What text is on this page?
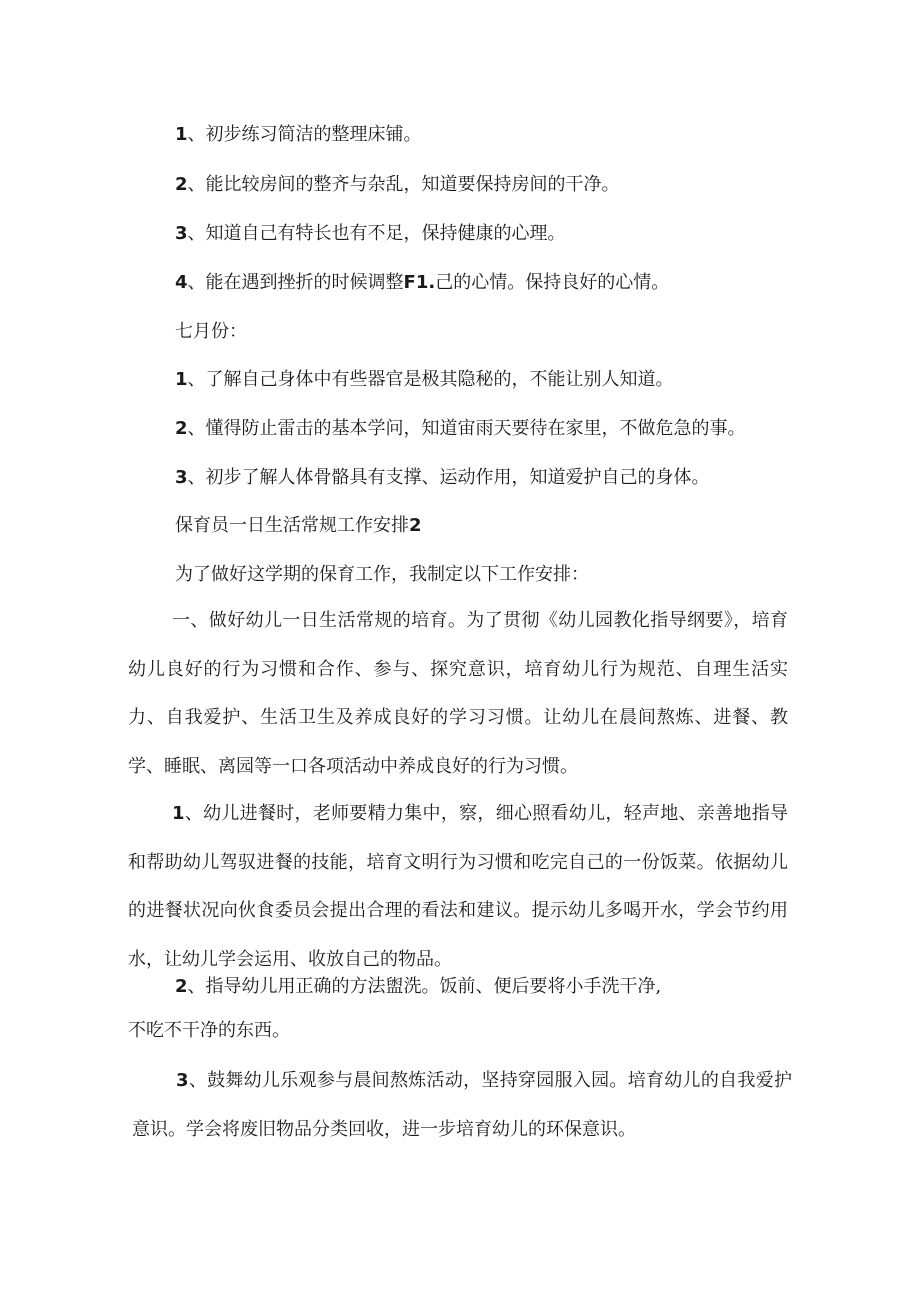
1、初步练习简洁的整理床铺。
2、能比较房间的整齐与杂乱，知道要保持房间的干净。
3、知道自己有特长也有不足，保持健康的心理。
4、能在遇到挫折的时候调整F1.己的心情。保持良好的心情。
七月份：
1、了解自己身体中有些器官是极其隐秘的，不能让别人知道。
2、懂得防止雷击的基本学问，知道宙雨天要待在家里，不做危急的事。
3、初步了解人体骨骼具有支撑、运动作用，知道爱护自己的身体。
保育员一日生活常规工作安排2
为了做好这学期的保育工作，我制定以下工作安排：
一、做好幼儿一日生活常规的培育。为了贯彻《幼儿园教化指导纲要》，培育幼儿良好的行为习惯和合作、参与、探究意识，培育幼儿行为规范、自理生活实力、自我爱护、生活卫生及养成良好的学习习惯。让幼儿在晨间熬炼、进餐、教学、睡眠、离园等一口各项活动中养成良好的行为习惯。
1、幼儿进餐时，老师要精力集中，察，细心照看幼儿，轻声地、亲善地指导和帮助幼儿驾驭进餐的技能，培育文明行为习惯和吃完自己的一份饭菜。依据幼儿的进餐状况向伙食委员会提出合理的看法和建议。提示幼儿多喝开水，学会节约用水，让幼儿学会运用、收放自己的物品。
2、指导幼儿用正确的方法盥洗。饭前、便后要将小手洗干净,
不吃不干净的东西。
3、鼓舞幼儿乐观参与晨间熬炼活动，坚持穿园服入园。培育幼儿的自我爱护意识。学会将废旧物品分类回收，进一步培育幼儿的环保意识。
